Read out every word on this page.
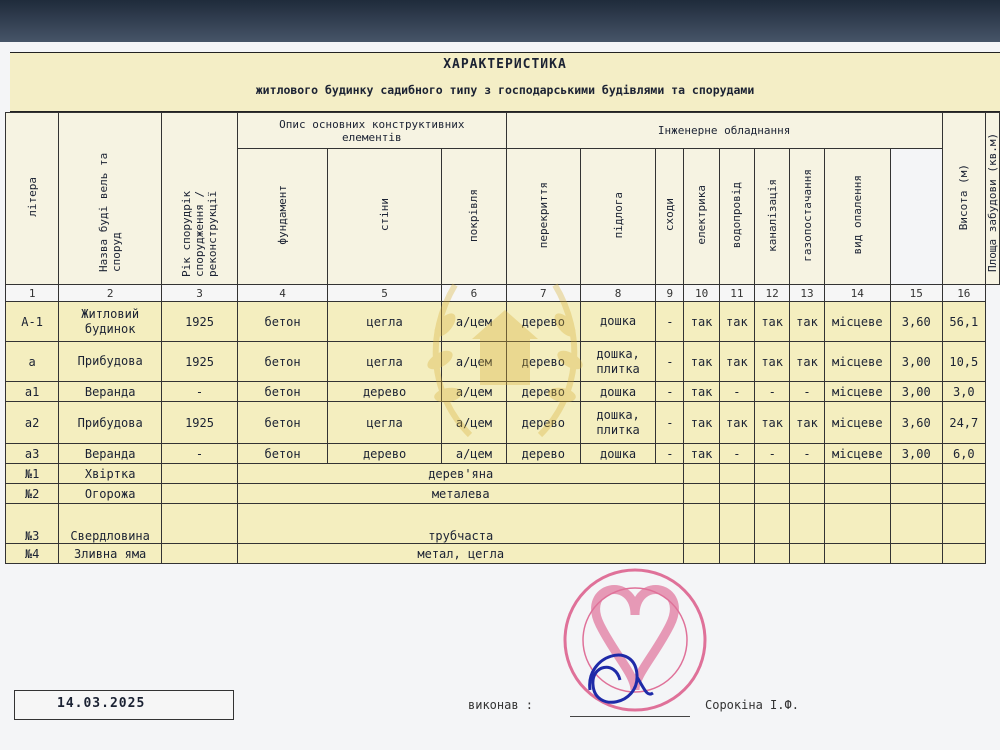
ХАРАКТЕРИСТИКА
житлового будинку садибного типу з господарськими будівлями та спорудами
літера	Назва буді вель та споруд	Рік спорудрік спорудження / реконструкції	Опис основних конструктивних елементів			Інженерне обладнання									Висота (м)	Площа забудови (кв.м)
			фундамент	стіни	покрівля	перекриття	підлога	сходи	електрика	водопровід	каналізація	газопостачання	вид опалення			
1	2	3	4	5	6	7	8	9	10	11	12	13	14	15	16	
А-1	Житловий будинок	1925	бетон	цегла	а/цем	дерево	дошка	-	так	так	так	так	місцеве	3,60	56,1	
а	Прибудова	1925	бетон	цегла	а/цем	дерево	дошка, плитка	-	так	так	так	так	місцеве	3,00	10,5	
а1	Веранда	-	бетон	дерево	а/цем	дерево	дошка	-	так	-	-	-	місцеве	3,00	3,0	
а2	Прибудова	1925	бетон	цегла	а/цем	дерево	дошка, плитка	-	так	так	так	так	місцеве	3,60	24,7	
а3	Веранда	-	бетон	дерево	а/цем	дерево	дошка	-	так	-	-	-	місцеве	3,00	6,0	
№1	Хвіртка		дерев'яна													
№2	Огорожа		металева													
№3	Свердловина		трубчаста													
№4	Зливна яма		метал, цегла													
14.03.2025	виконав :	Сорокіна І.Ф.
